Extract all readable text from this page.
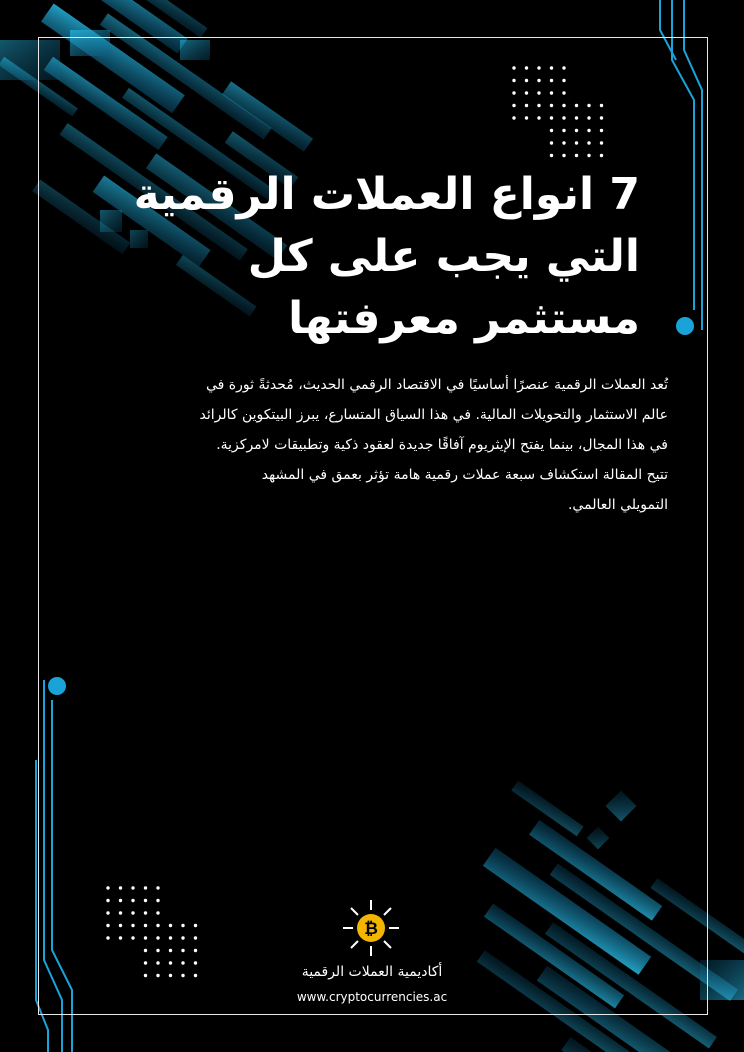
7 انواع العملات الرقمية
التي يجب على كل
مستثمر معرفتها

تُعد العملات الرقمية عنصرًا أساسيًا في الاقتصاد الرقمي الحديث، مُحدثةً ثورة في
عالم الاستثمار والتحويلات المالية. في هذا السياق المتسارع، يبرز البيتكوين كالرائد
في هذا المجال، بينما يفتح الإيثريوم آفاقًا جديدة لعقود ذكية وتطبيقات لامركزية.
تتيح المقالة استكشاف سبعة عملات رقمية هامة تؤثر بعمق في المشهد
التمويلي العالمي.

₿
أكاديمية العملات الرقمية
www.cryptocurrencies.ac
